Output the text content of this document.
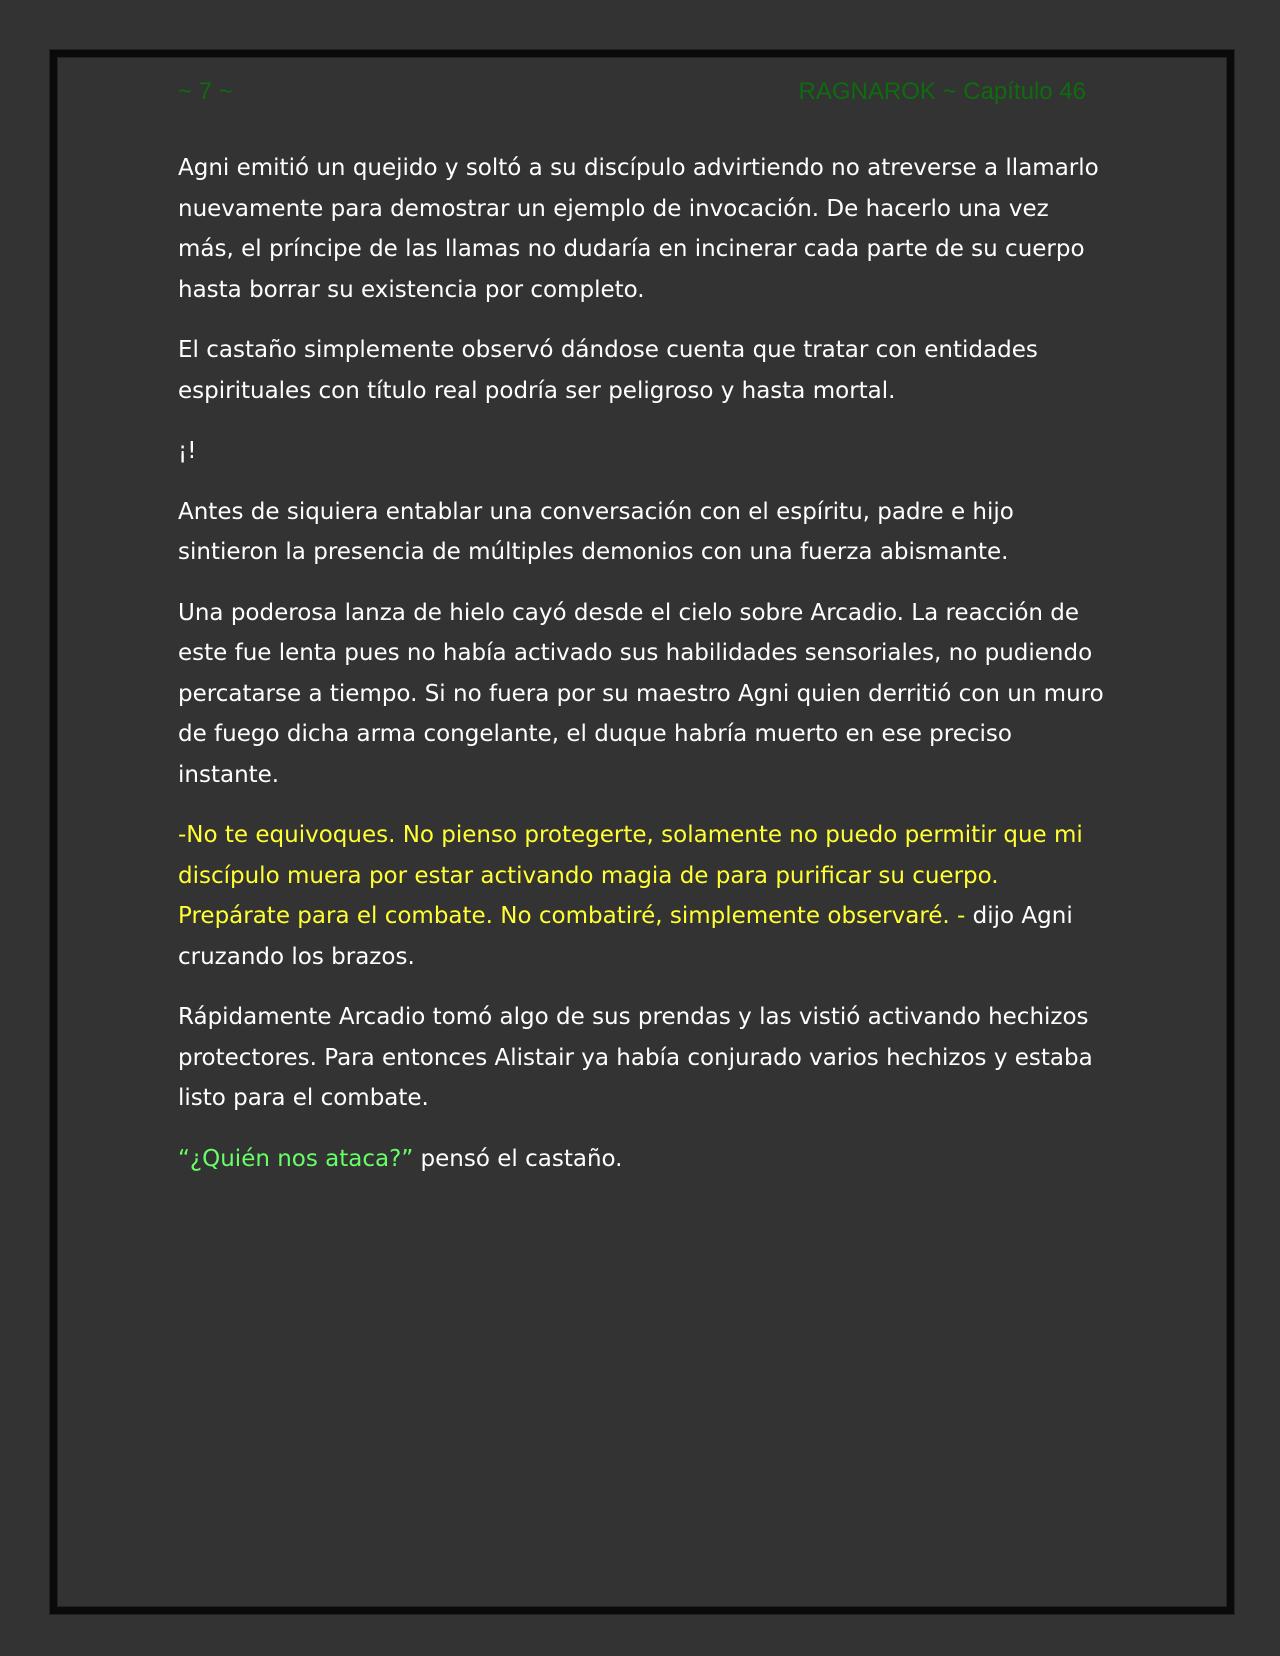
~ 7 ~	RAGNAROK ~ Capítulo 46

Agni emitió un quejido y soltó a su discípulo advirtiendo no atreverse a llamarlo nuevamente para demostrar un ejemplo de invocación. De hacerlo una vez más, el príncipe de las llamas no dudaría en incinerar cada parte de su cuerpo hasta borrar su existencia por completo.

El castaño simplemente observó dándose cuenta que tratar con entidades espirituales con título real podría ser peligroso y hasta mortal.

¡!

Antes de siquiera entablar una conversación con el espíritu, padre e hijo sintieron la presencia de múltiples demonios con una fuerza abismante.

Una poderosa lanza de hielo cayó desde el cielo sobre Arcadio. La reacción de este fue lenta pues no había activado sus habilidades sensoriales, no pudiendo percatarse a tiempo. Si no fuera por su maestro Agni quien derritió con un muro de fuego dicha arma congelante, el duque habría muerto en ese preciso instante.

-No te equivoques. No pienso protegerte, solamente no puedo permitir que mi discípulo muera por estar activando magia de para purificar su cuerpo. Prepárate para el combate. No combatiré, simplemente observaré. - dijo Agni cruzando los brazos.

Rápidamente Arcadio tomó algo de sus prendas y las vistió activando hechizos protectores. Para entonces Alistair ya había conjurado varios hechizos y estaba listo para el combate.

“¿Quién nos ataca?” pensó el castaño.
